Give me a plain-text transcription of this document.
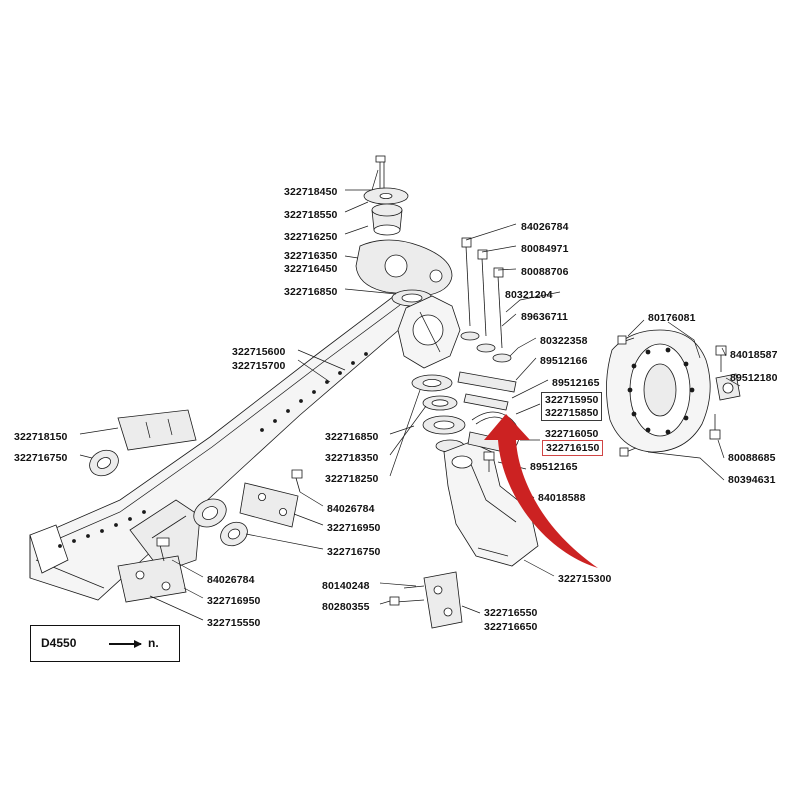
322718450
322718550
322716250
322716350
322716450
322716850
322715600
322715700
322718150
322716750
322716850
322718350
322718250
84026784
322716950
322716750
84026784
322716950
322715550
80140248
80280355	322716550
322716650
322715300
84026784
80084971
80088706
80321204
89636711
80322358
89512166
89512165
322715950
322715850
322716050
322716150
89512165
84018588
80176081
84018587
89512180
80088685
80394631
D4550	n.
